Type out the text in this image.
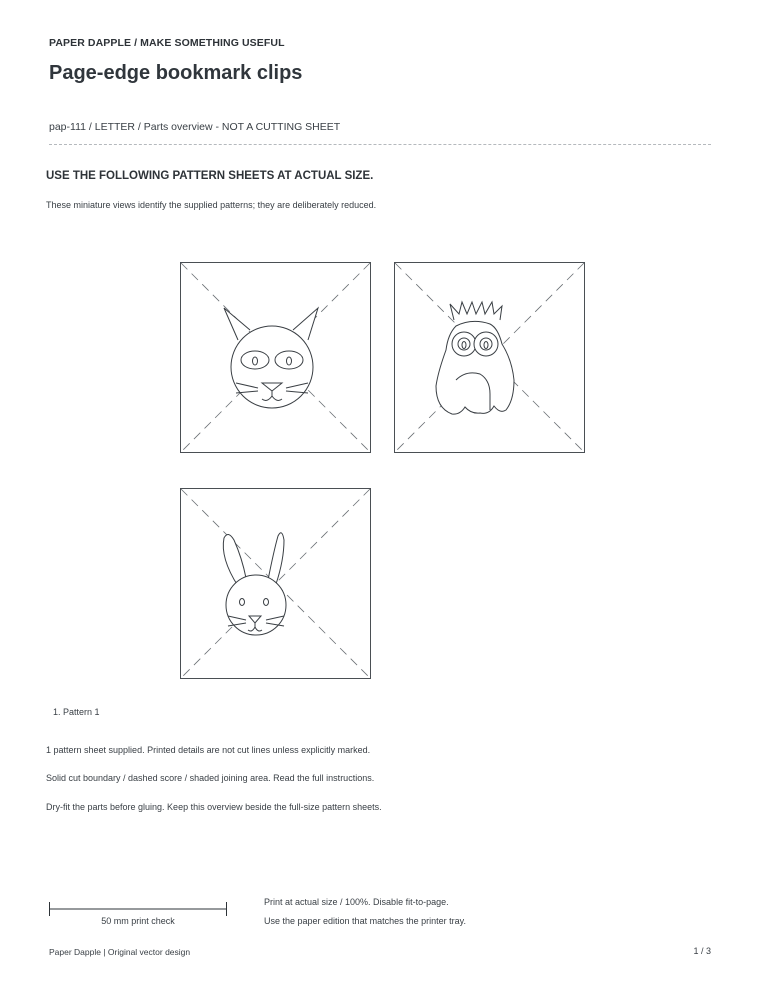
PAPER DAPPLE / MAKE SOMETHING USEFUL
Page-edge bookmark clips
pap-111 / LETTER / Parts overview - NOT A CUTTING SHEET
USE THE FOLLOWING PATTERN SHEETS AT ACTUAL SIZE.
These miniature views identify the supplied patterns; they are deliberately reduced.
1. Pattern 1
1 pattern sheet supplied. Printed details are not cut lines unless explicitly marked.
Solid cut boundary / dashed score / shaded joining area. Read the full instructions.
Dry-fit the parts before gluing. Keep this overview beside the full-size pattern sheets.
50 mm print check
Print at actual size / 100%. Disable fit-to-page.
Use the paper edition that matches the printer tray.
Paper Dapple | Original vector design	1 / 3
